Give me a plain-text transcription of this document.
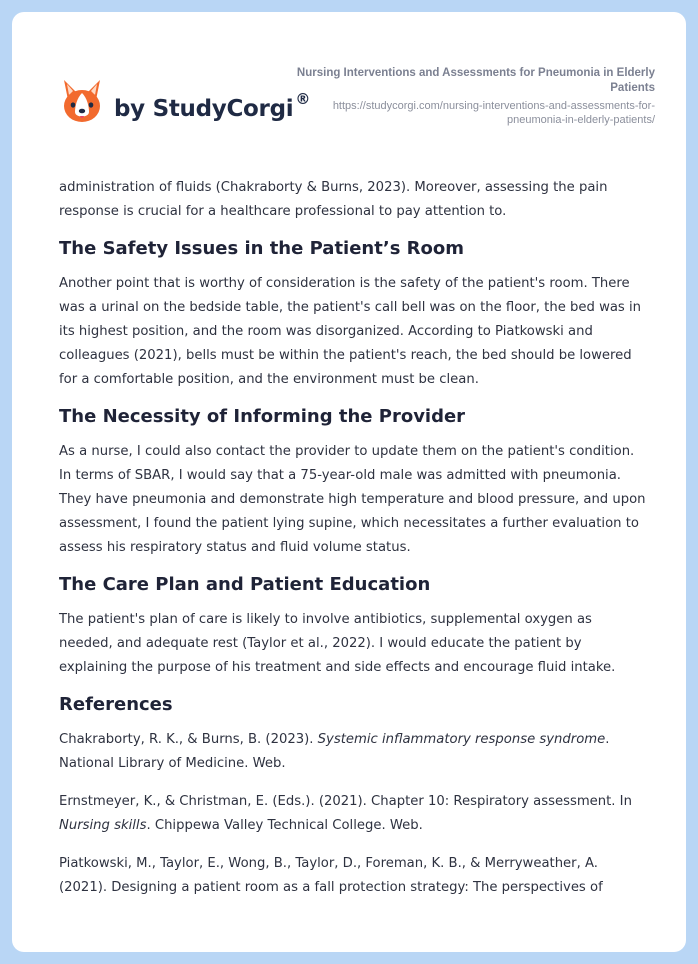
by StudyCorgi ®
Nursing Interventions and Assessments for Pneumonia in Elderly Patients
https://studycorgi.com/nursing-interventions-and-assessments-for-pneumonia-in-elderly-patients/

administration of fluids (Chakraborty & Burns, 2023). Moreover, assessing the pain response is crucial for a healthcare professional to pay attention to.

The Safety Issues in the Patient’s Room

Another point that is worthy of consideration is the safety of the patient's room. There was a urinal on the bedside table, the patient's call bell was on the floor, the bed was in its highest position, and the room was disorganized. According to Piatkowski and colleagues (2021), bells must be within the patient's reach, the bed should be lowered for a comfortable position, and the environment must be clean.

The Necessity of Informing the Provider

As a nurse, I could also contact the provider to update them on the patient's condition. In terms of SBAR, I would say that a 75-year-old male was admitted with pneumonia. They have pneumonia and demonstrate high temperature and blood pressure, and upon assessment, I found the patient lying supine, which necessitates a further evaluation to assess his respiratory status and fluid volume status.

The Care Plan and Patient Education

The patient's plan of care is likely to involve antibiotics, supplemental oxygen as needed, and adequate rest (Taylor et al., 2022). I would educate the patient by explaining the purpose of his treatment and side effects and encourage fluid intake.

References

Chakraborty, R. K., & Burns, B. (2023). Systemic inflammatory response syndrome. National Library of Medicine. Web.

Ernstmeyer, K., & Christman, E. (Eds.). (2021). Chapter 10: Respiratory assessment. In Nursing skills. Chippewa Valley Technical College. Web.

Piatkowski, M., Taylor, E., Wong, B., Taylor, D., Foreman, K. B., & Merryweather, A. (2021). Designing a patient room as a fall protection strategy: The perspectives of
